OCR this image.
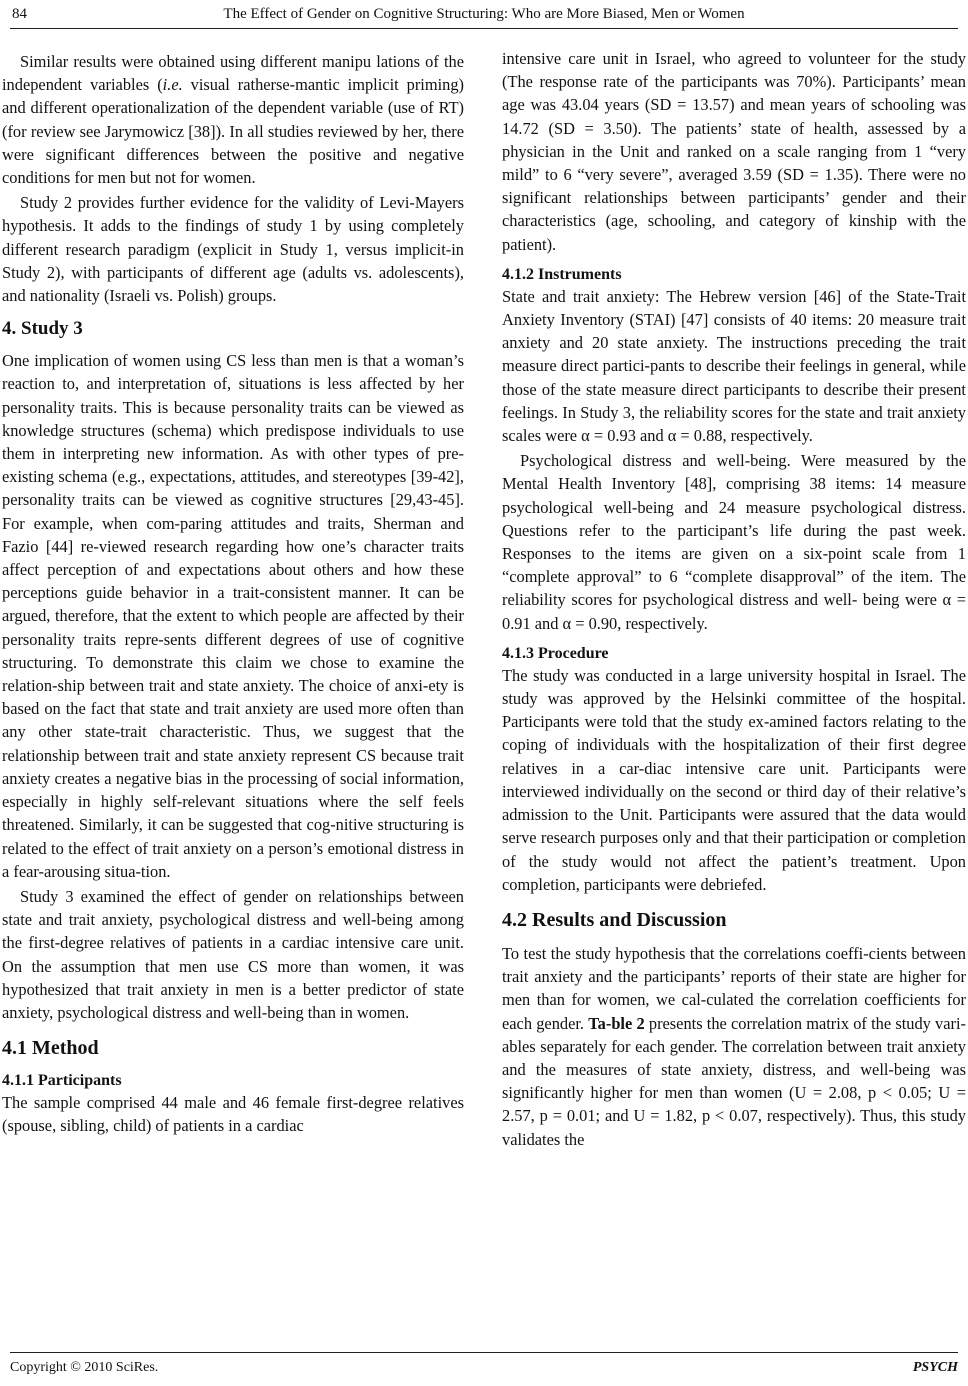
84	The Effect of Gender on Cognitive Structuring: Who are More Biased, Men or Women

Similar results were obtained using different manipu lations of the independent variables (i.e. visual ratherse-mantic implicit priming) and different operationalization of the dependent variable (use of RT) (for review see Jarymowicz [38]). In all studies reviewed by her, there were significant differences between the positive and negative conditions for men but not for women.

Study 2 provides further evidence for the validity of Levi-Mayers hypothesis. It adds to the findings of study 1 by using completely different research paradigm (explicit in Study 1, versus implicit-in Study 2), with participants of different age (adults vs. adolescents), and nationality (Israeli vs. Polish) groups.

4. Study 3

One implication of women using CS less than men is that a woman’s reaction to, and interpretation of, situations is less affected by her personality traits. This is because personality traits can be viewed as knowledge structures (schema) which predispose individuals to use them in interpreting new information. As with other types of pre-existing schema (e.g., expectations, attitudes, and stereotypes [39-42], personality traits can be viewed as cognitive structures [29,43-45]. For example, when com-paring attitudes and traits, Sherman and Fazio [44] re-viewed research regarding how one’s character traits affect perception of and expectations about others and how these perceptions guide behavior in a trait-consistent manner. It can be argued, therefore, that the extent to which people are affected by their personality traits repre-sents different degrees of use of cognitive structuring. To demonstrate this claim we chose to examine the relation-ship between trait and state anxiety. The choice of anxi-ety is based on the fact that state and trait anxiety are used more often than any other state-trait characteristic. Thus, we suggest that the relationship between trait and state anxiety represent CS because trait anxiety creates a negative bias in the processing of social information, especially in highly self-relevant situations where the self feels threatened. Similarly, it can be suggested that cog-nitive structuring is related to the effect of trait anxiety on a person’s emotional distress in a fear-arousing situa-tion.

Study 3 examined the effect of gender on relationships between state and trait anxiety, psychological distress and well-being among the first-degree relatives of patients in a cardiac intensive care unit. On the assumption that men use CS more than women, it was hypothesized that trait anxiety in men is a better predictor of state anxiety, psychological distress and well-being than in women.

4.1 Method
4.1.1 Participants

The sample comprised 44 male and 46 female first-degree relatives (spouse, sibling, child) of patients in a cardiac

intensive care unit in Israel, who agreed to volunteer for the study (The response rate of the participants was 70%). Participants’ mean age was 43.04 years (SD = 13.57) and mean years of schooling was 14.72 (SD = 3.50). The patients’ state of health, assessed by a physician in the Unit and ranked on a scale ranging from 1 “very mild” to 6 “very severe”, averaged 3.59 (SD = 1.35). There were no significant relationships between participants’ gender and their characteristics (age, schooling, and category of kinship with the patient).

4.1.2 Instruments

State and trait anxiety: The Hebrew version [46] of the State-Trait Anxiety Inventory (STAI) [47] consists of 40 items: 20 measure trait anxiety and 20 state anxiety. The instructions preceding the trait measure direct partici-pants to describe their feelings in general, while those of the state measure direct participants to describe their present feelings. In Study 3, the reliability scores for the state and trait anxiety scales were α = 0.93 and α = 0.88, respectively.

Psychological distress and well-being. Were measured by the Mental Health Inventory [48], comprising 38 items: 14 measure psychological well-being and 24 measure psychological distress. Questions refer to the participant’s life during the past week. Responses to the items are given on a six-point scale from 1 “complete approval” to 6 “complete disapproval” of the item. The reliability scores for psychological distress and well- being were α = 0.91 and α = 0.90, respectively.

4.1.3 Procedure

The study was conducted in a large university hospital in Israel. The study was approved by the Helsinki committee of the hospital. Participants were told that the study ex-amined factors relating to the coping of individuals with the hospitalization of their first degree relatives in a car-diac intensive care unit. Participants were interviewed individually on the second or third day of their relative’s admission to the Unit. Participants were assured that the data would serve research purposes only and that their participation or completion of the study would not affect the patient’s treatment. Upon completion, participants were debriefed.

4.2 Results and Discussion

To test the study hypothesis that the correlations coeffi-cients between trait anxiety and the participants’ reports of their state are higher for men than for women, we cal-culated the correlation coefficients for each gender. Ta-ble 2 presents the correlation matrix of the study vari-ables separately for each gender. The correlation between trait anxiety and the measures of state anxiety, distress, and well-being was significantly higher for men than women (U = 2.08, p < 0.05; U = 2.57, p = 0.01; and U = 1.82, p < 0.07, respectively). Thus, this study validates the

Copyright © 2010 SciRes.	PSYCH
